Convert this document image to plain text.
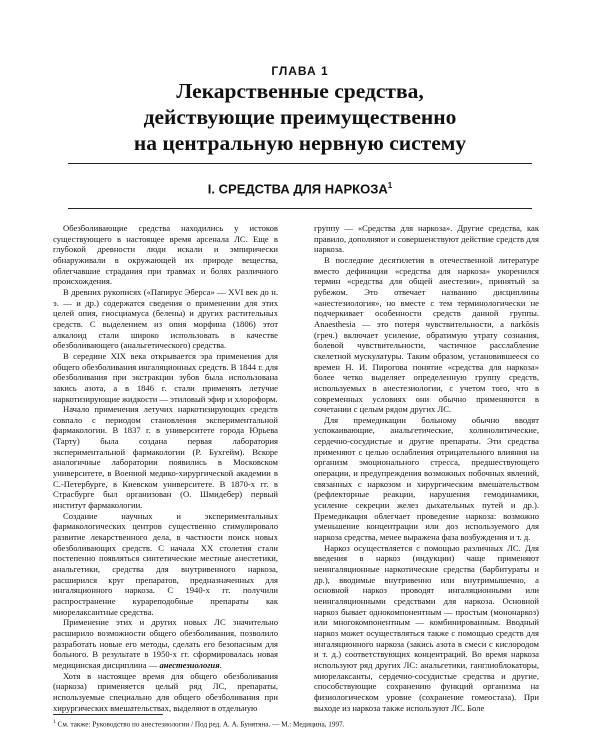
ГЛАВА 1
Лекарственные средства,
действующие преимущественно
на центральную нервную систему
I. СРЕДСТВА ДЛЯ НАРКОЗА$^1$

Обезболивающие средства находились у истоков существующего в настоящее время арсенала ЛС. Еще в глубокой древности люди искали и эмпирически обнаруживали в окружающей их природе вещества, облегчавшие страдания при травмах и болях различного происхождения.

В древних рукописях («Папирус Эберса» — XVI век до н. э. — и др.) содержатся сведения о применении для этих целей опия, гиосциамуса (белены) и других растительных средств. С выделением из опия морфина (1806) этот алкалоид стали широко использовать в качестве обезболивающего (анальгетического) средства.

В середине XIX века открывается эра применения для общего обезболивания ингаляционных средств. В 1844 г. для обезболивания при экстракции зубов была использована закись азота, а в 1846 г. стали применять летучие наркотизирующие жидкости — этиловый эфир и хлороформ.

Начало применения летучих наркотизирующих средств совпало с периодом становления экспериментальной фармакологии. В 1837 г. в университете города Юрьева (Тарту) была создана первая лаборатория экспериментальной фармакологии (Р. Бухгейм). Вскоре аналогичные лаборатории появились в Московском университете, в Военной медико-хирургической академии в С.-Петербурге, в Киевском университете. В 1870-х гг. в Страсбурге был организован (О. Шмидебер) первый институт фармакологии.

Создание научных и экспериментальных фармакологических центров существенно стимулировало развитие лекарственного дела, в частности поиск новых обезболивающих средств. С начала XX столетия стали постепенно появляться синтетические местные анестетики, анальгетики, средства для внутривенного наркоза, расширился круг препаратов, предназначенных для ингаляционного наркоза. С 1940-х гг. получили распространение курареподобные препараты как миорелаксантные средства.

Применение этих и других новых ЛС значительно расширило возможности общего обезболивания, позволило разработать новые его методы, сделать его безопасным для больного. В результате в 1950-х гг. сформировалась новая медицинская дисциплина — анестезиология.

Хотя в настоящее время для общего обезболивания (наркоза) применяется целый ряд ЛС, препараты, используемые специально для общего обезболивания при хирургических вмешательствах, выделяют в отдельную

группу — «Средства для наркоза». Другие средства, как правило, дополняют и совершенствуют действие средств для наркоза.

В последние десятилетия в отечественной литературе вместо дефиниции «средства для наркоза» укоренился термин «средства для общей анестезии», принятый за рубежом. Это отвечает названию дисциплины «анестезиология», но вместе с тем терминологически не подчеркивает особенности средств данной группы. Anaesthesia — это потеря чувствительности, а narkōsis (греч.) включает усиление, обратимую утрату сознания, болевой чувствительности, частичное расслабление скелетной мускулатуры. Таким образом, установившееся со времен Н. И. Пирогова понятие «средства для наркоза» более четко выделяет определенную группу средств, используемых в анестезиологии, с учетом того, что в современных условиях они обычно применяются в сочетании с целым рядом других ЛС.

Для премедикации больному обычно вводят успокаивающие, анальгетические, холинолитические, сердечно-сосудистые и другие препараты. Эти средства применяют с целью ослабления отрицательного влияния на организм эмоционального стресса, предшествующего операции, и предупреждения возможных побочных явлений, связанных с наркозом и хирургическим вмешательством (рефлекторные реакции, нарушения гемодинамики, усиление секреции желез дыхательных путей и др.). Премедикация облегчает проведение наркоза: возможно уменьшение концентрации или доз используемого для наркоза средства, менее выражена фаза возбуждения и т. д.

Наркоз осуществляется с помощью различных ЛС. Для введения в наркоз (индукции) чаще применяют неингаляционные наркотические средства (барбитураты и др.), вводимые внутривенно или внутримышечно, а основной наркоз проводят ингаляционными или неингаляционными средствами для наркоза. Основной наркоз бывает однокомпонентным — простым (мононаркоз) или многокомпонентным — комбинированным. Вводный наркоз может осуществляться также с помощью средств для ингаляционного наркоза (закись азота в смеси с кислородом и т. д.) соответствующих концентраций. Во время наркоза используют ряд других ЛС: анальгетики, ганглиоблокаторы, миорелаксанты, сердечно-сосудистые средства и другие, способствующие сохранению функций организма на физиологическом уровне (сохранение гомеостаза). При выходе из наркоза также используют ЛС. Боле

$^1$ См. также: Руководство по анестезиологии / Под ред. А. А. Бунятяна. — М.: Медицина, 1997.
